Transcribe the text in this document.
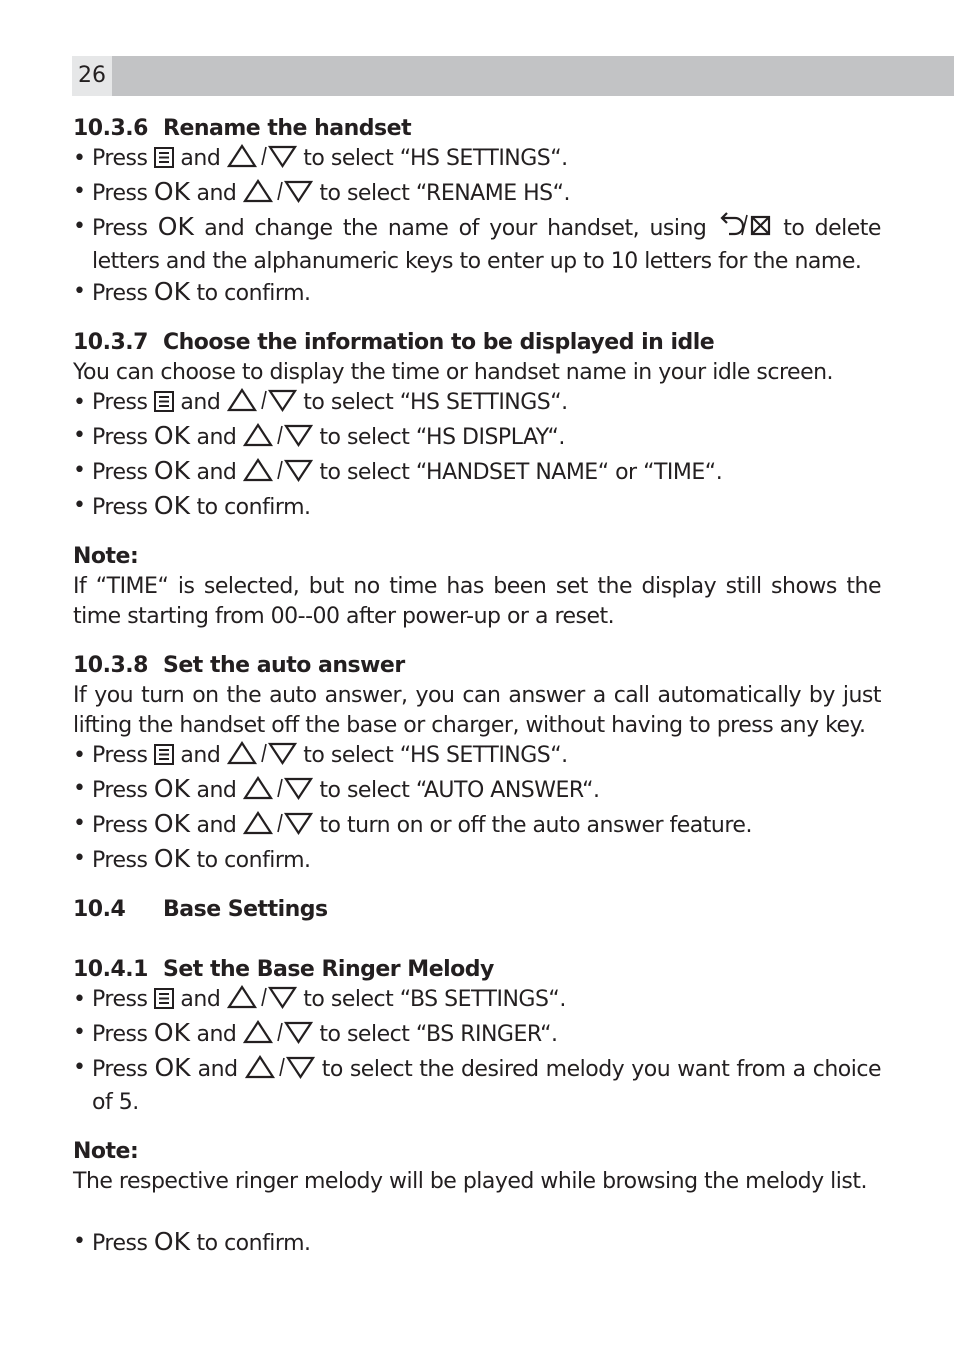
26
10.3.6 Rename the handset
• Press and	to select “HS SETTINGS“.
• Press OK and	to select “RENAME HS“.
• Press OK and change the name of your handset, using	to delete letters and the alphanumeric keys to enter up to 10 letters for the name.
• Press OK to confirm.
10.3.7 Choose the information to be displayed in idle
You can choose to display the time or handset name in your idle screen.
• Press and	to select “HS SETTINGS“.
• Press OK and	to select “HS DISPLAY“.
• Press OK and	to select “HANDSET NAME“ or “TIME“.
• Press OK to confirm.
Note:
If “TIME“ is selected, but no time has been set the display still shows the time starting from 00--00 after power-up or a reset.
10.3.8 Set the auto answer
If you turn on the auto answer, you can answer a call automatically by just lifting the handset off the base or charger, without having to press any key.
• Press and	to select “HS SETTINGS“.
• Press OK and	to select “AUTO ANSWER“.
• Press OK and	to turn on or off the auto answer feature.
• Press OK to confirm.
10.4 Base Settings
10.4.1 Set the Base Ringer Melody
• Press and	to select “BS SETTINGS“.
• Press OK and	to select “BS RINGER“.
• Press OK and	to select the desired melody you want from a choice of 5.
Note:
The respective ringer melody will be played while browsing the melody list.
• Press OK to confirm.
